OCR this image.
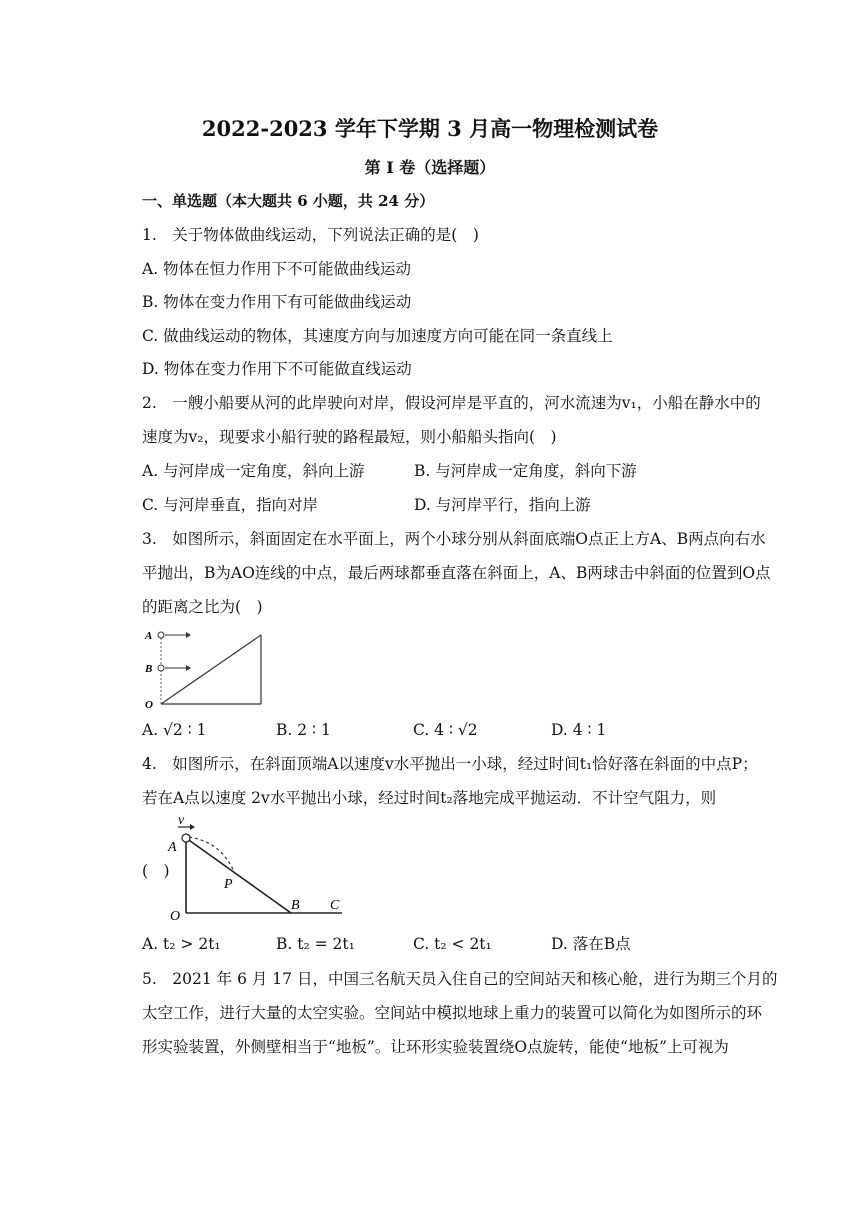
2022-2023 学年下学期 3 月高一物理检测试卷
第 I 卷（选择题）
一、单选题（本大题共 6 小题，共 24 分）
1.　关于物体做曲线运动，下列说法正确的是(　)
A. 物体在恒力作用下不可能做曲线运动
B. 物体在变力作用下有可能做曲线运动
C. 做曲线运动的物体，其速度方向与加速度方向可能在同一条直线上
D. 物体在变力作用下不可能做直线运动
2.　一艘小船要从河的此岸驶向对岸，假设河岸是平直的，河水流速为v₁，小船在静水中的
速度为v₂，现要求小船行驶的路程最短，则小船船头指向(　)
A. 与河岸成一定角度，斜向上游	B. 与河岸成一定角度，斜向下游
C. 与河岸垂直，指向对岸	D. 与河岸平行，指向上游
3.　如图所示，斜面固定在水平面上，两个小球分别从斜面底端O点正上方A、B两点向右水
平抛出，B为AO连线的中点，最后两球都垂直落在斜面上，A、B两球击中斜面的位置到O点
的距离之比为(　)
A
B
O
A. √2 ∶ 1	B. 2 ∶ 1	C. 4 ∶ √2	D. 4 ∶ 1
4.　如图所示，在斜面顶端A以速度v水平抛出一小球，经过时间t₁恰好落在斜面的中点P；
若在A点以速度 2v水平抛出小球，经过时间t₂落地完成平抛运动．不计空气阻力，则
v
A
P
O
B C
(　)
A. t₂ > 2t₁	B. t₂ = 2t₁	C. t₂ < 2t₁	D. 落在B点
5.　2021 年 6 月 17 日，中国三名航天员入住自己的空间站天和核心舱，进行为期三个月的
太空工作，进行大量的太空实验。空间站中模拟地球上重力的装置可以简化为如图所示的环
形实验装置，外侧壁相当于“地板”。让环形实验装置绕O点旋转，能使“地板”上可视为
